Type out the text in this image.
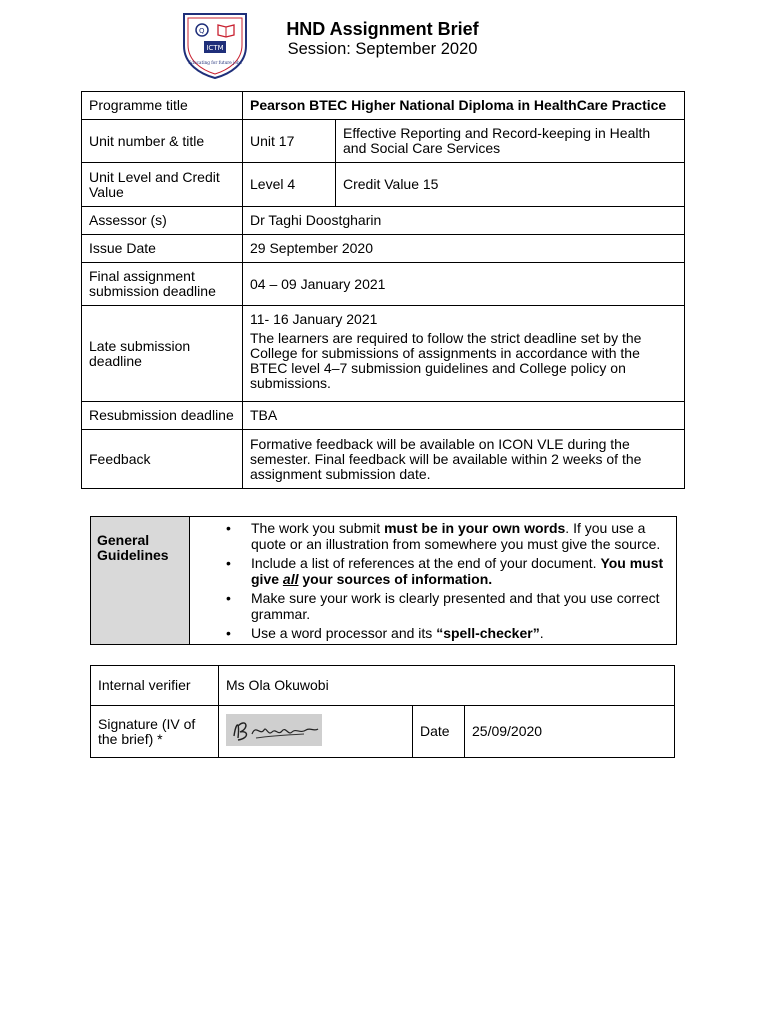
Q
ICTM
Educating for future jobs
HND Assignment Brief
Session: September 2020
Programme title	Pearson BTEC Higher National Diploma in HealthCare Practice	
Unit number & title	Unit 17	Effective Reporting and Record-keeping in Health and Social Care Services
Unit Level and Credit Value	Level 4	Credit Value 15
Assessor (s)	Dr Taghi Doostgharin	
Issue Date	29 September 2020	
Final assignment submission deadline	04 – 09 January 2021	
Late submission deadline	11- 16 January 2021

The learners are required to follow the strict deadline set by the College for submissions of assignments in accordance with the BTEC level 4–7 submission guidelines and College policy on submissions.	

Resubmission deadline	TBA	
Feedback	Formative feedback will be available on ICON VLE during the semester. Final feedback will be available within 2 weeks of the assignment submission date.	
General Guidelines	
• The work you submit must be in your own words. If you use a quote or an illustration from somewhere you must give the source.
• Include a list of references at the end of your document. You must give all your sources of information.
• Make sure your work is clearly presented and that you use correct grammar.
• Use a word processor and its “spell-checker”.
Internal verifier	Ms Ola Okuwobi		
Signature (IV of the brief) *		Date	25/09/2020
